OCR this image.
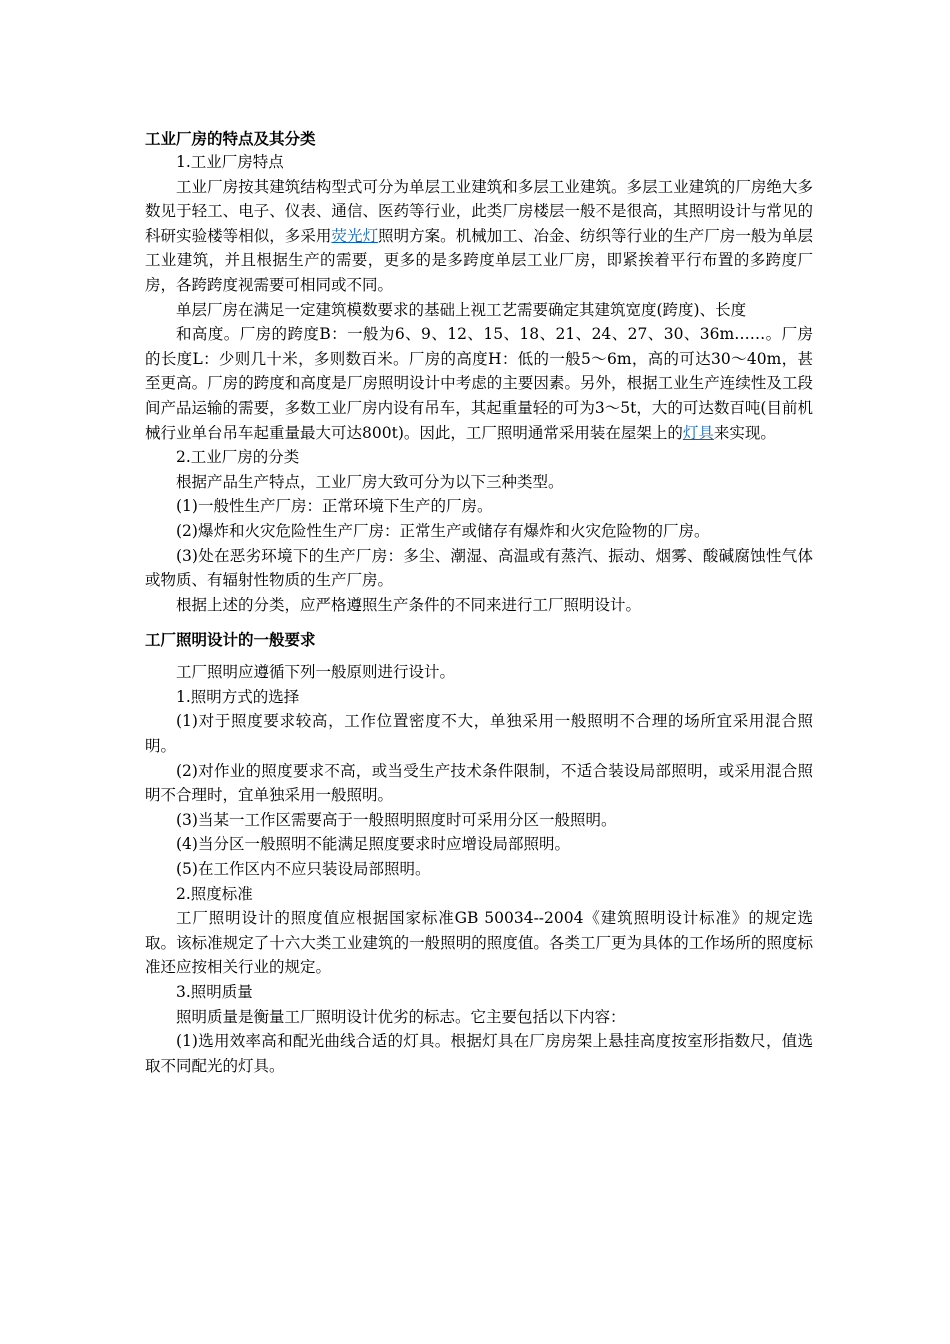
工业厂房的特点及其分类

1.工业厂房特点

工业厂房按其建筑结构型式可分为单层工业建筑和多层工业建筑。多层工业建筑的厂房绝大多数见于轻工、电子、仪表、通信、医药等行业，此类厂房楼层一般不是很高，其照明设计与常见的科研实验楼等相似，多采用荧光灯照明方案。机械加工、冶金、纺织等行业的生产厂房一般为单层工业建筑，并且根据生产的需要，更多的是多跨度单层工业厂房，即紧挨着平行布置的多跨度厂房，各跨跨度视需要可相同或不同。

单层厂房在满足一定建筑模数要求的基础上视工艺需要确定其建筑宽度(跨度)、长度

和高度。厂房的跨度B：一般为6、9、12、15、18、21、24、27、30、36m……。厂房的长度L：少则几十米，多则数百米。厂房的高度H：低的一般5～6m，高的可达30～40m，甚至更高。厂房的跨度和高度是厂房照明设计中考虑的主要因素。另外，根据工业生产连续性及工段间产品运输的需要，多数工业厂房内设有吊车，其起重量轻的可为3～5t，大的可达数百吨(目前机械行业单台吊车起重量最大可达800t)。因此，工厂照明通常采用装在屋架上的灯具来实现。

2.工业厂房的分类

根据产品生产特点，工业厂房大致可分为以下三种类型。

(1)一般性生产厂房：正常环境下生产的厂房。

(2)爆炸和火灾危险性生产厂房：正常生产或储存有爆炸和火灾危险物的厂房。

(3)处在恶劣环境下的生产厂房：多尘、潮湿、高温或有蒸汽、振动、烟雾、酸碱腐蚀性气体或物质、有辐射性物质的生产厂房。

根据上述的分类，应严格遵照生产条件的不同来进行工厂照明设计。

工厂照明设计的一般要求

工厂照明应遵循下列一般原则进行设计。

1.照明方式的选择

(1)对于照度要求较高，工作位置密度不大，单独采用一般照明不合理的场所宜采用混合照明。

(2)对作业的照度要求不高，或当受生产技术条件限制，不适合装设局部照明，或采用混合照明不合理时，宜单独采用一般照明。

(3)当某一工作区需要高于一般照明照度时可采用分区一般照明。

(4)当分区一般照明不能满足照度要求时应增设局部照明。

(5)在工作区内不应只装设局部照明。

2.照度标准

工厂照明设计的照度值应根据国家标准GB 50034--2004《建筑照明设计标准》的规定选取。该标准规定了十六大类工业建筑的一般照明的照度值。各类工厂更为具体的工作场所的照度标准还应按相关行业的规定。

3.照明质量

照明质量是衡量工厂照明设计优劣的标志。它主要包括以下内容：

(1)选用效率高和配光曲线合适的灯具。根据灯具在厂房房架上悬挂高度按室形指数尺，值选取不同配光的灯具。
